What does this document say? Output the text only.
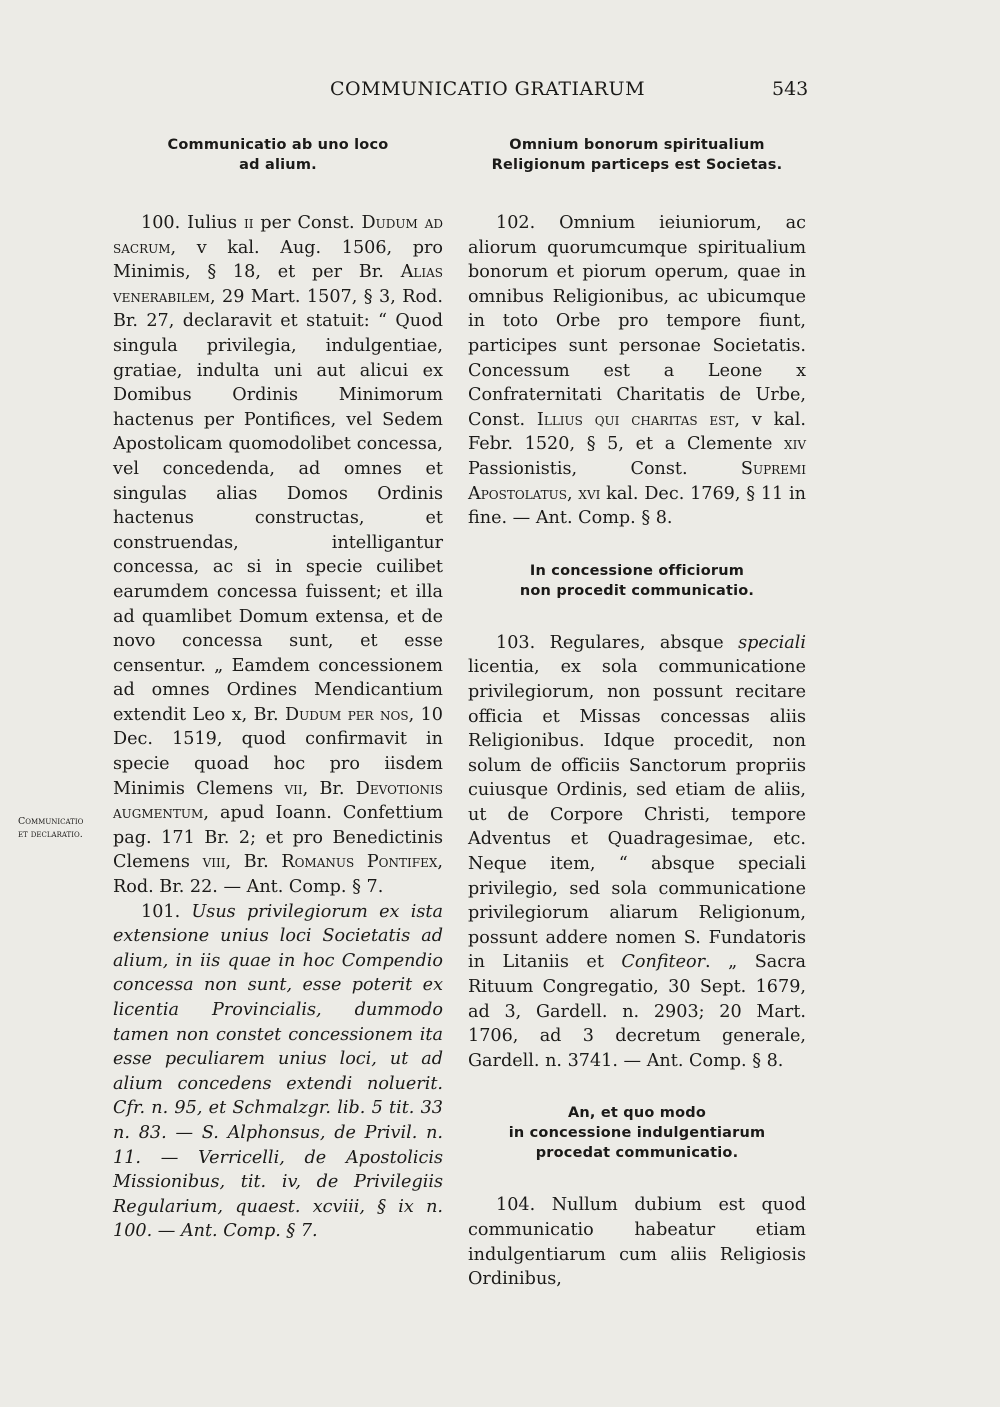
COMMUNICATIO GRATIARUM	543
Communicatio
et declaratio.
Communicatio ab uno loco
ad alium.

100. Iulius ii per Const. Dudum ad sacrum, v kal. Aug. 1506, pro Minimis, § 18, et per Br. Alias venerabilem, 29 Mart. 1507, § 3, Rod. Br. 27, declaravit et statuit: “ Quod singula privilegia, indulgentiae, gratiae, indulta uni aut alicui ex Domibus Ordinis Minimorum hactenus per Pontifices, vel Sedem Apostolicam quomodolibet concessa, vel concedenda, ad omnes et singulas alias Domos Ordinis hactenus constructas, et construendas, intelligantur concessa, ac si in specie cuilibet earumdem concessa fuissent; et illa ad quamlibet Domum extensa, et de novo concessa sunt, et esse censentur. „ Eamdem concessionem ad omnes Ordines Mendicantium extendit Leo x, Br. Dudum per nos, 10 Dec. 1519, quod confirmavit in specie quoad hoc pro iisdem Minimis Clemens vii, Br. Devotionis augmentum, apud Ioann. Confettium pag. 171 Br. 2; et pro Benedictinis Clemens viii, Br. Romanus Pontifex, Rod. Br. 22. — Ant. Comp. § 7.

101. Usus privilegiorum ex ista extensione unius loci Societatis ad alium, in iis quae in hoc Compendio concessa non sunt, esse poterit ex licentia Provincialis, dummodo tamen non constet concessionem ita esse peculiarem unius loci, ut ad alium concedens extendi noluerit. Cfr. n. 95, et Schmalzgr. lib. 5 tit. 33 n. 83. — S. Alphonsus, de Privil. n. 11. — Verricelli, de Apostolicis Missionibus, tit. iv, de Privilegiis Regularium, quaest. xcviii, § ix n. 100. — Ant. Comp. § 7.

Omnium bonorum spiritualium
Religionum particeps est Societas.

102. Omnium ieiuniorum, ac aliorum quorumcumque spiritualium bonorum et piorum operum, quae in omnibus Religionibus, ac ubicumque in toto Orbe pro tempore fiunt, participes sunt personae Societatis. Concessum est a Leone x Confraternitati Charitatis de Urbe, Const. Illius qui charitas est, v kal. Febr. 1520, § 5, et a Clemente xiv Passionistis, Const. Supremi Apostolatus, xvi kal. Dec. 1769, § 11 in fine. — Ant. Comp. § 8.

In concessione officiorum
non procedit communicatio.

103. Regulares, absque speciali licentia, ex sola communicatione privilegiorum, non possunt recitare officia et Missas concessas aliis Religionibus. Idque procedit, non solum de officiis Sanctorum propriis cuiusque Ordinis, sed etiam de aliis, ut de Corpore Christi, tempore Adventus et Quadragesimae, etc. Neque item, “ absque speciali privilegio, sed sola communicatione privilegiorum aliarum Religionum, possunt addere nomen S. Fundatoris in Litaniis et Confiteor. „ Sacra Rituum Congregatio, 30 Sept. 1679, ad 3, Gardell. n. 2903; 20 Mart. 1706, ad 3 decretum generale, Gardell. n. 3741. — Ant. Comp. § 8.

An, et quo modo
in concessione indulgentiarum
procedat communicatio.

104. Nullum dubium est quod communicatio habeatur etiam indulgentiarum cum aliis Religiosis Ordinibus,
